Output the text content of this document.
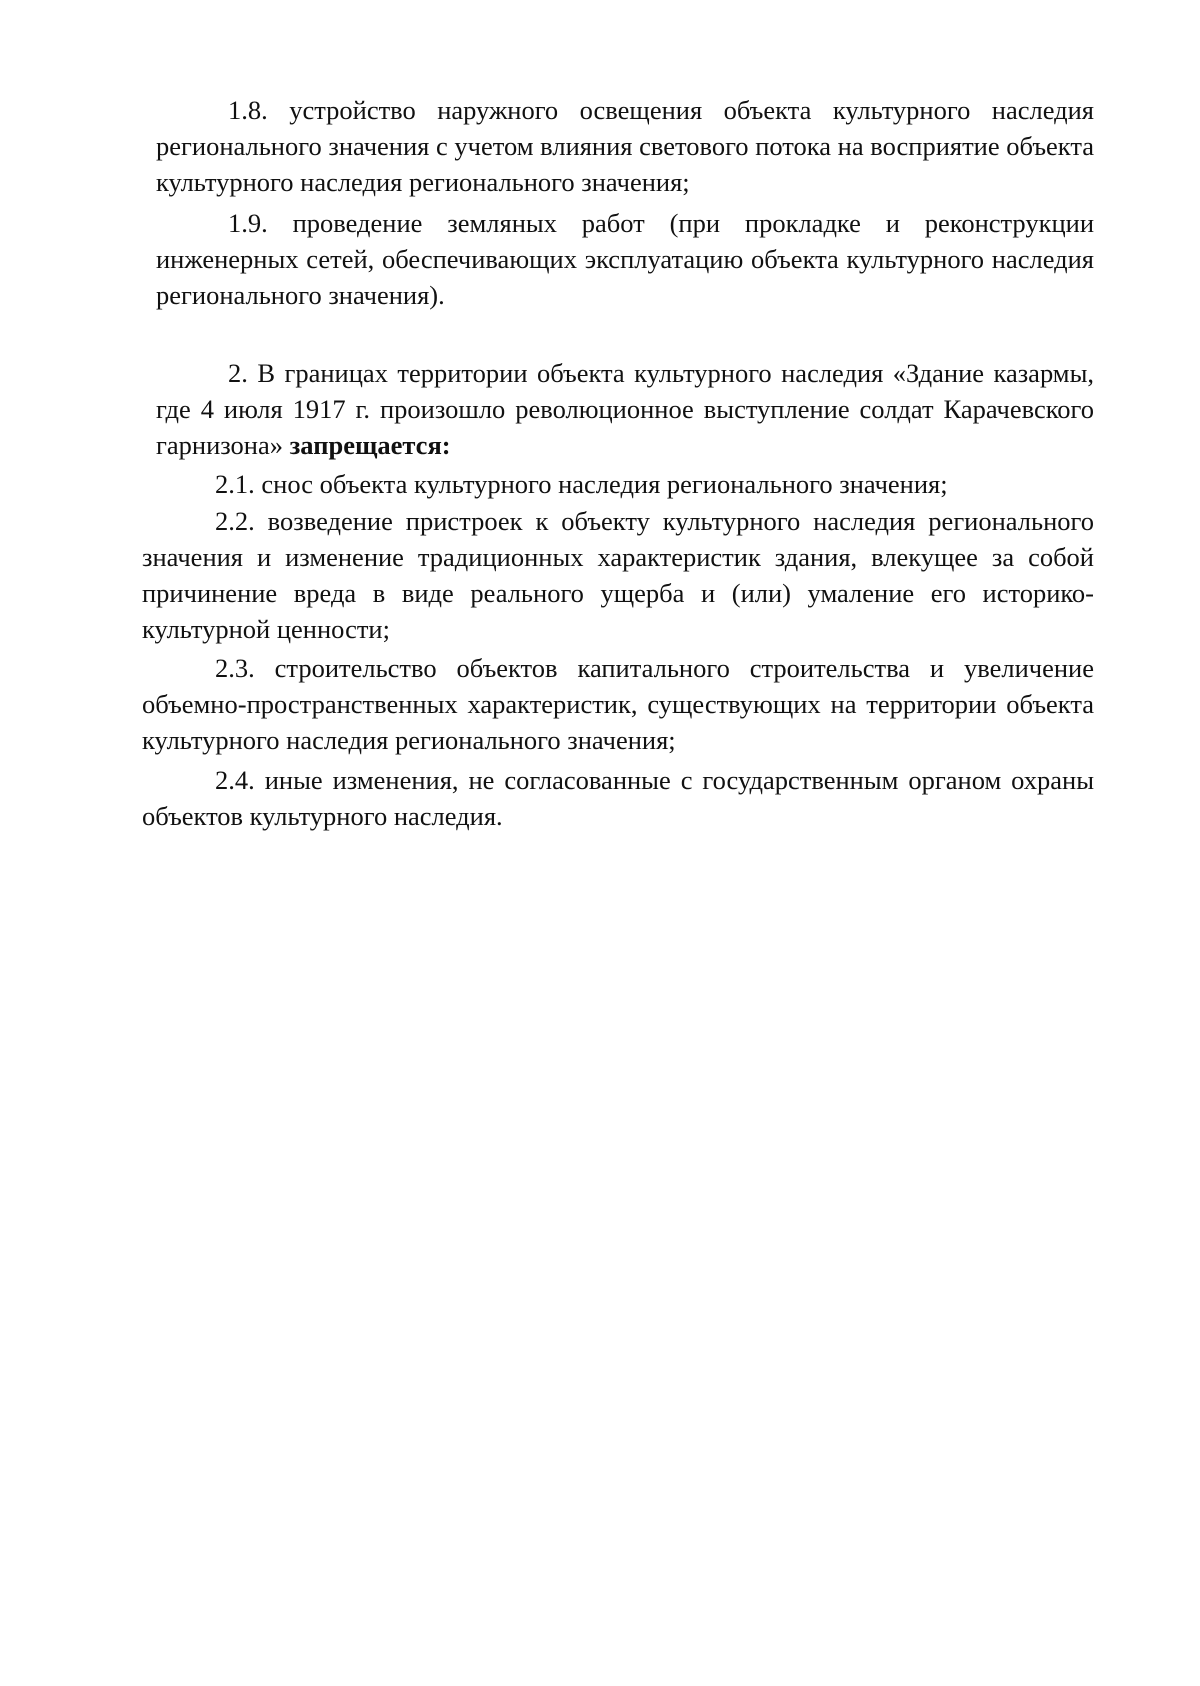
1.8. устройство наружного освещения объекта культурного наследия регионального значения с учетом влияния светового потока на восприятие объекта культурного наследия регионального значения;

1.9. проведение земляных работ (при прокладке и реконструкции инженерных сетей, обеспечивающих эксплуатацию объекта культурного наследия регионального значения).

2. В границах территории объекта культурного наследия «Здание казармы, где 4 июля 1917 г. произошло революционное выступление солдат Карачевского гарнизона» запрещается:

2.1. снос объекта культурного наследия регионального значения;

2.2. возведение пристроек к объекту культурного наследия регионального значения и изменение традиционных характеристик здания, влекущее за собой причинение вреда в виде реального ущерба и (или) умаление его историко-культурной ценности;

2.3. строительство объектов капитального строительства и увеличение объемно-пространственных характеристик, существующих на территории объекта культурного наследия регионального значения;

2.4. иные изменения, не согласованные с государственным органом охраны объектов культурного наследия.
